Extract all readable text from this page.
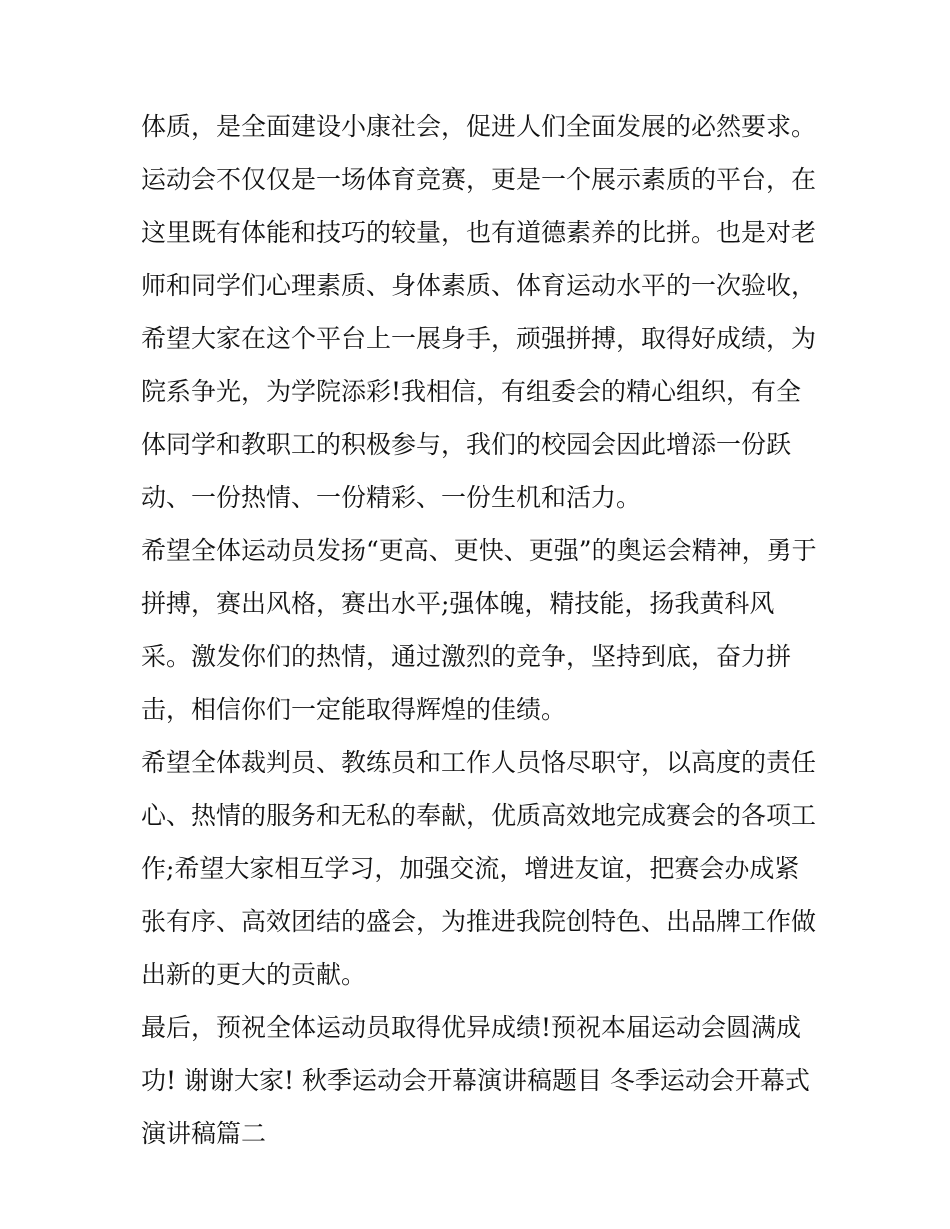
体质，是全面建设小康社会，促进人们全面发展的必然要求。
运动会不仅仅是一场体育竞赛，更是一个展示素质的平台，在
这里既有体能和技巧的较量，也有道德素养的比拼。也是对老
师和同学们心理素质、身体素质、体育运动水平的一次验收，
希望大家在这个平台上一展身手，顽强拼搏，取得好成绩，为
院系争光，为学院添彩!我相信，有组委会的精心组织，有全
体同学和教职工的积极参与，我们的校园会因此增添一份跃
动、一份热情、一份精彩、一份生机和活力。
希望全体运动员发扬“更高、更快、更强”的奥运会精神，勇于
拼搏，赛出风格，赛出水平;强体魄，精技能，扬我黄科风
采。激发你们的热情，通过激烈的竞争，坚持到底，奋力拼
击，相信你们一定能取得辉煌的佳绩。
希望全体裁判员、教练员和工作人员恪尽职守，以高度的责任
心、热情的服务和无私的奉献，优质高效地完成赛会的各项工
作;希望大家相互学习，加强交流，增进友谊，把赛会办成紧
张有序、高效团结的盛会，为推进我院创特色、出品牌工作做
出新的更大的贡献。
最后，预祝全体运动员取得优异成绩!预祝本届运动会圆满成
功! 谢谢大家! 秋季运动会开幕演讲稿题目 冬季运动会开幕式
演讲稿篇二
